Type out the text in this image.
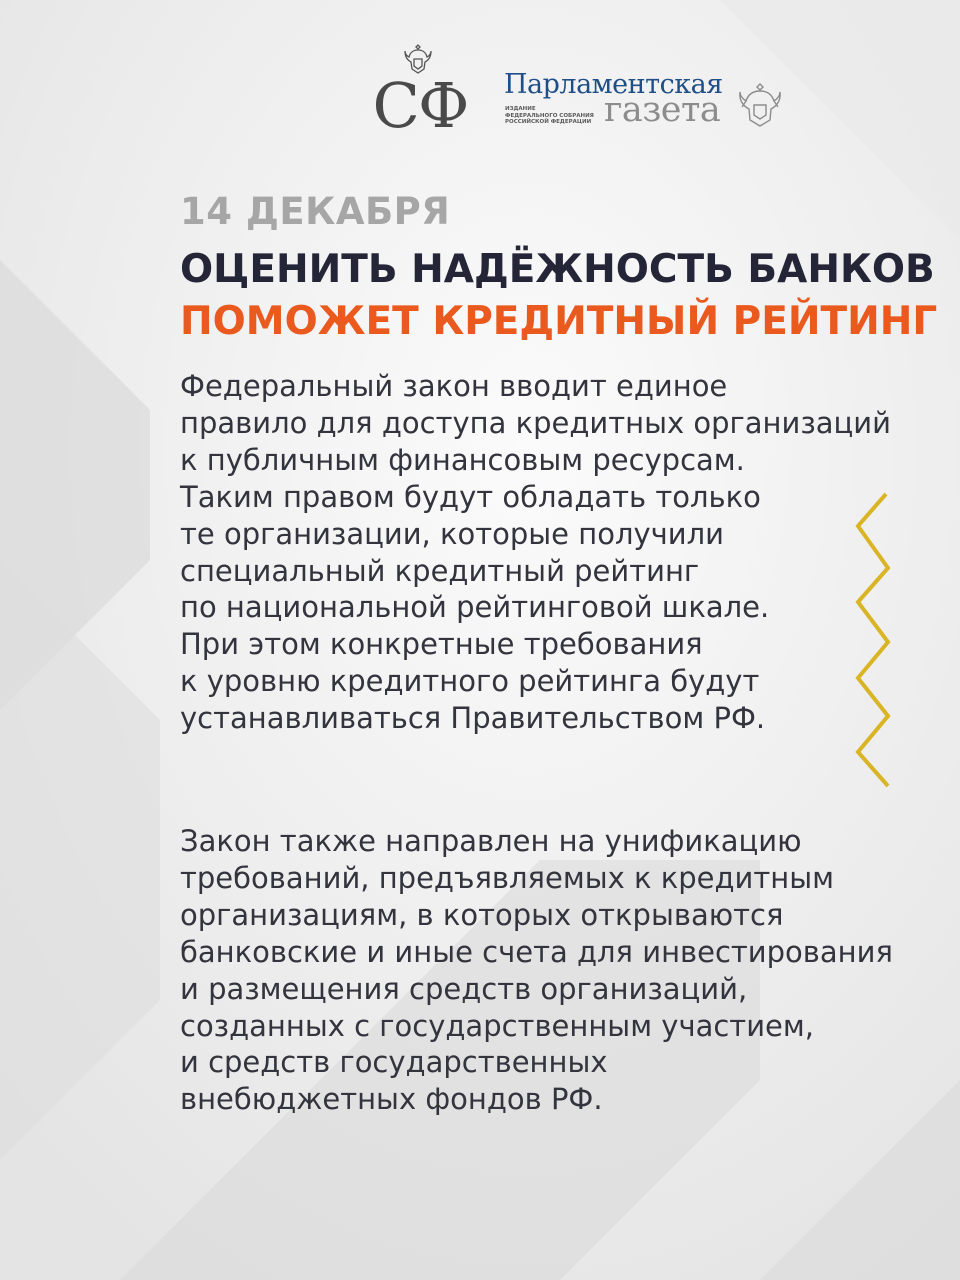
СФ Парламентская
ИЗДАНИЕ
ФЕДЕРАЛЬНОГО СОБРАНИЯ
РОССИЙСКОЙ ФЕДЕРАЦИИ газета
14 ДЕКАБРЯ
ОЦЕНИТЬ НАДЁЖНОСТЬ БАНКОВ
ПОМОЖЕТ КРЕДИТНЫЙ РЕЙТИНГ
Федеральный закон вводит единое
правило для доступа кредитных организаций
к публичным финансовым ресурсам.
Таким правом будут обладать только
те организации, которые получили
специальный кредитный рейтинг
по национальной рейтинговой шкале.
При этом конкретные требования
к уровню кредитного рейтинга будут
устанавливаться Правительством РФ.
Закон также направлен на унификацию
требований, предъявляемых к кредитным
организациям, в которых открываются
банковские и иные счета для инвестирования
и размещения средств организаций,
созданных с государственным участием,
и средств государственных
внебюджетных фондов РФ.
